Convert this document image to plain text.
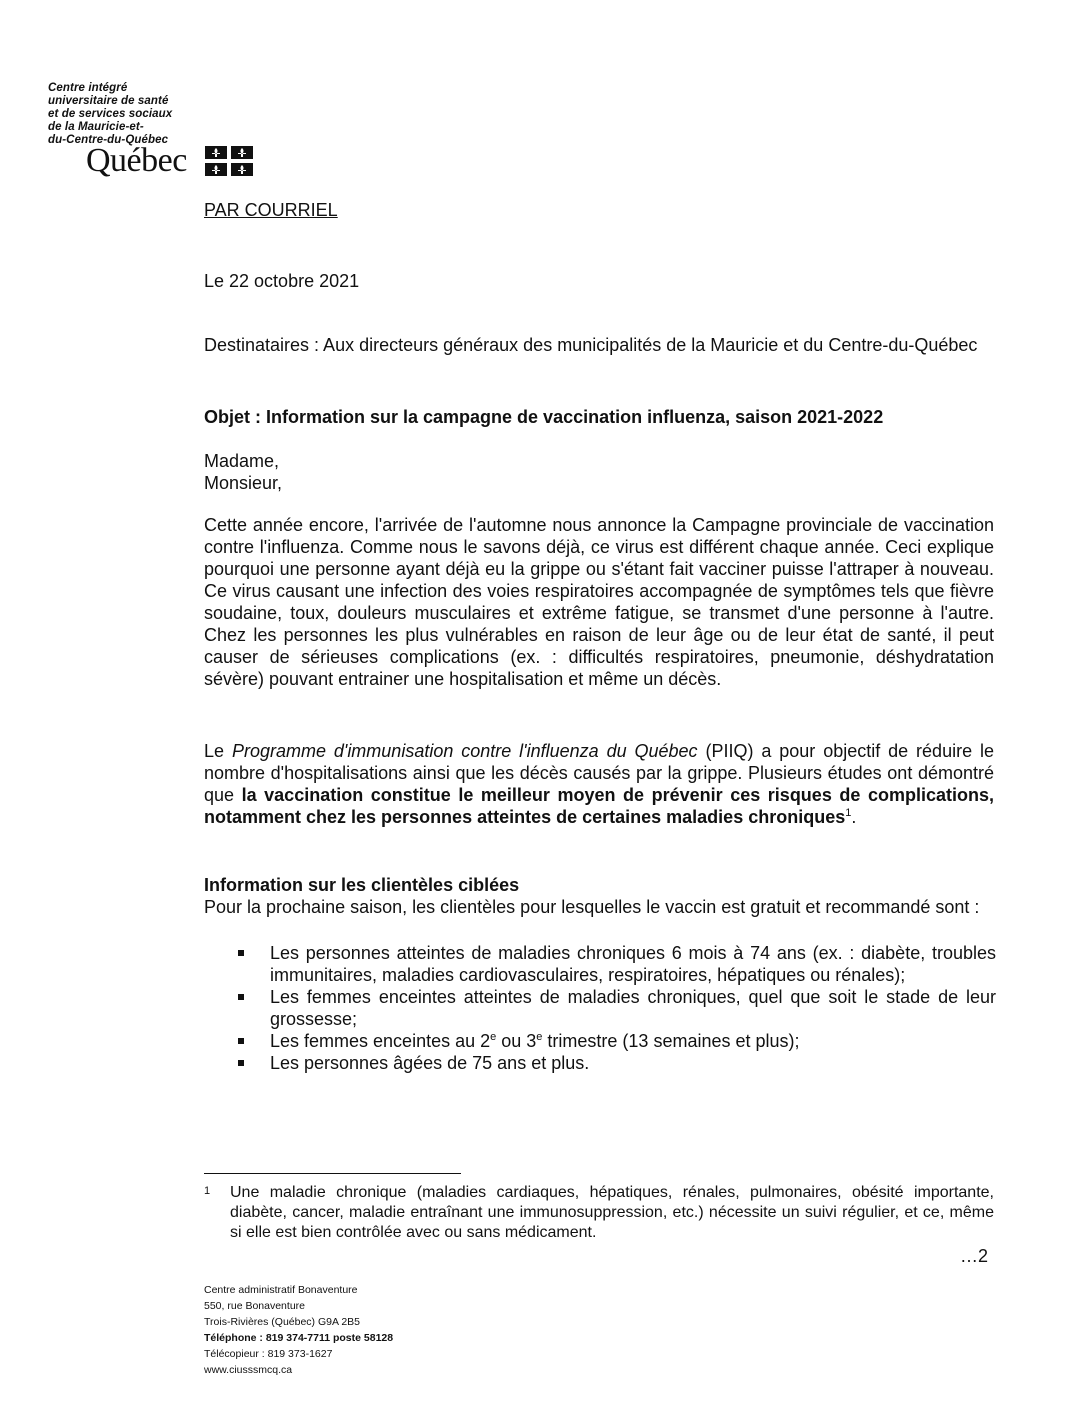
Centre intégré
universitaire de santé
et de services sociaux
de la Mauricie-et-
du-Centre-du-Québec
Québec
PAR COURRIEL
Le 22 octobre 2021
Destinataires : Aux directeurs généraux des municipalités de la Mauricie et du Centre-du-Québec
Objet : Information sur la campagne de vaccination influenza, saison 2021-2022
Madame,
Monsieur,
Cette année encore, l'arrivée de l'automne nous annonce la Campagne provinciale de vaccination contre l'influenza. Comme nous le savons déjà, ce virus est différent chaque année. Ceci explique pourquoi une personne ayant déjà eu la grippe ou s'étant fait vacciner puisse l'attraper à nouveau. Ce virus causant une infection des voies respiratoires accompagnée de symptômes tels que fièvre soudaine, toux, douleurs musculaires et extrême fatigue, se transmet d'une personne à l'autre. Chez les personnes les plus vulnérables en raison de leur âge ou de leur état de santé, il peut causer de sérieuses complications (ex. : difficultés respiratoires, pneumonie, déshydratation sévère) pouvant entrainer une hospitalisation et même un décès.
Le Programme d'immunisation contre l'influenza du Québec (PIIQ) a pour objectif de réduire le nombre d'hospitalisations ainsi que les décès causés par la grippe. Plusieurs études ont démontré que la vaccination constitue le meilleur moyen de prévenir ces risques de complications, notamment chez les personnes atteintes de certaines maladies chroniques$^1$.
Information sur les clientèles ciblées
Pour la prochaine saison, les clientèles pour lesquelles le vaccin est gratuit et recommandé sont :
Les personnes atteintes de maladies chroniques 6 mois à 74 ans (ex. : diabète, troubles immunitaires, maladies cardiovasculaires, respiratoires, hépatiques ou rénales);
Les femmes enceintes atteintes de maladies chroniques, quel que soit le stade de leur grossesse;
Les femmes enceintes au 2e ou 3e trimestre (13 semaines et plus);
Les personnes âgées de 75 ans et plus.
1 Une maladie chronique (maladies cardiaques, hépatiques, rénales, pulmonaires, obésité importante, diabète, cancer, maladie entraînant une immunosuppression, etc.) nécessite un suivi régulier, et ce, même si elle est bien contrôlée avec ou sans médicament.
…2
Centre administratif Bonaventure
550, rue Bonaventure
Trois-Rivières (Québec) G9A 2B5
Téléphone : 819 374-7711 poste 58128
Télécopieur : 819 373-1627
www.ciusssmcq.ca
